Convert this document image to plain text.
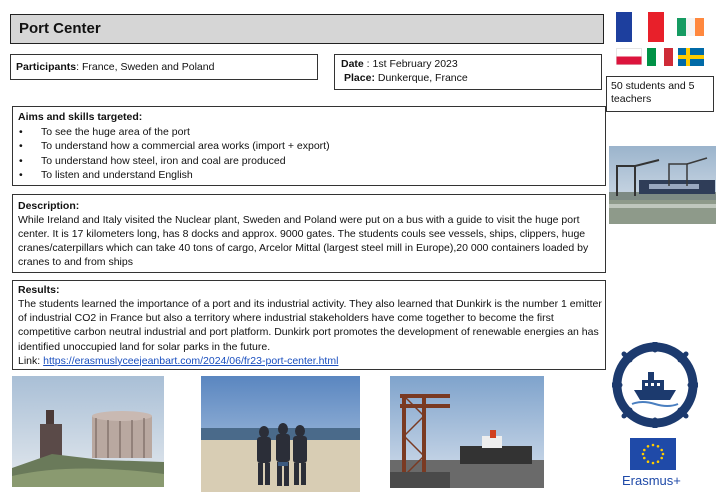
Port Center
Participants: France, Sweden and Poland	Date : 1st February 2023
Place: Dunkerque, France
50 students and 5 teachers
Aims and skills targeted:
• To see the huge area of the port
• To understand how a commercial area works (import + export)
• To understand how steel, iron and coal are produced
• To listen and understand English
Description:
While Ireland and Italy visited the Nuclear plant, Sweden and Poland were put on a bus with a guide to visit the huge port center. It is 17 kilometers long, has 8 docks and approx. 9000 gates. The students couls see vessels, ships, clippers, huge cranes/caterpillars which can take 40 tons of cargo, Arcelor Mittal (largest steel mill in Europe),20 000 containers loaded by cranes to and from ships
Results:
The students learned the importance of a port and its industrial activity. They also learned that Dunkirk is the number 1 emitter of industrial CO2 in France but also a territory where industrial stakeholders have come together to become the first competitive carbon neutral industrial and port platform. Dunkirk port promotes the development of renewable energies an has identified unoccupied land for solar parks in the future.
Link: https://erasmuslyceejeanbart.com/2024/06/fr23-port-center.html
Erasmus+
